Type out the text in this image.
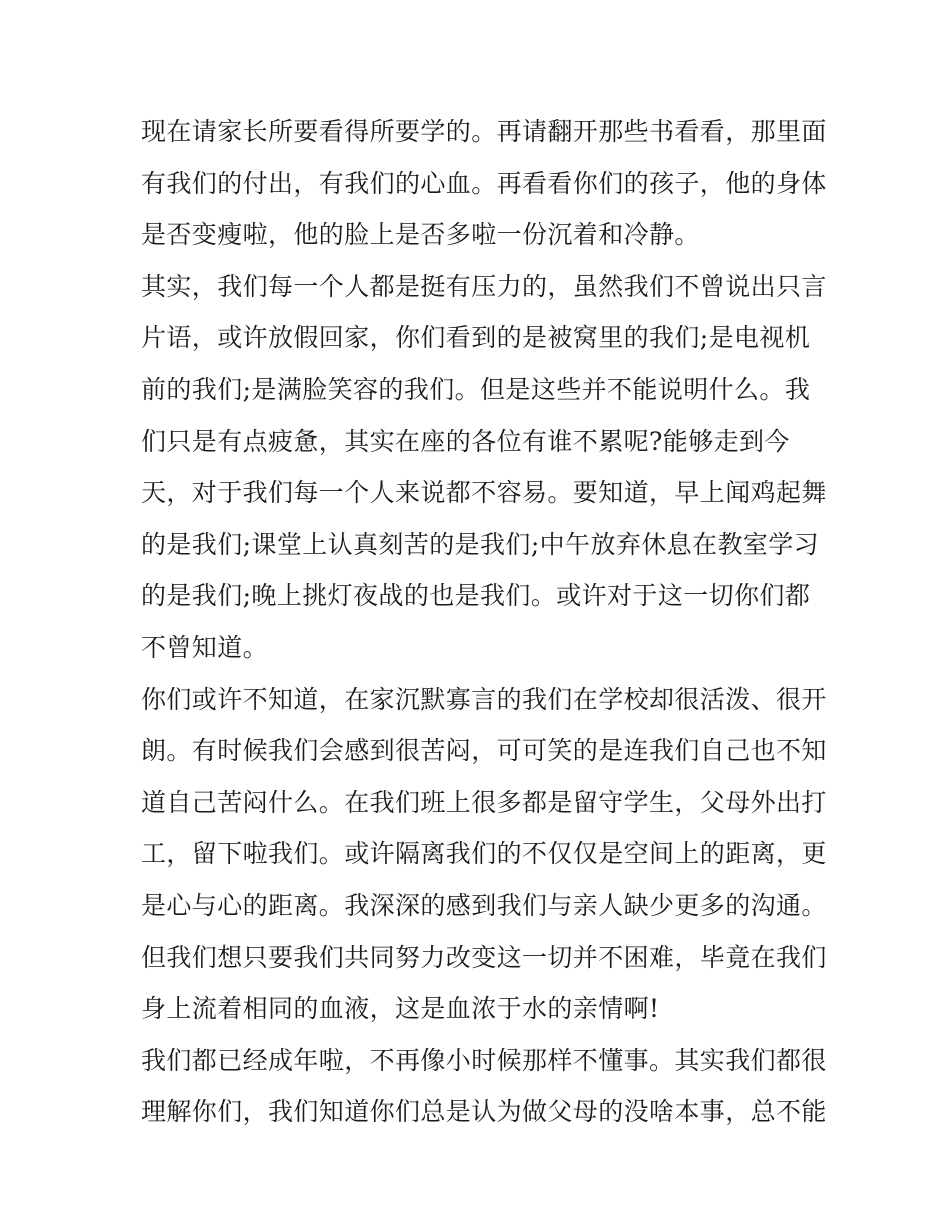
现在请家长所要看得所要学的。再请翻开那些书看看，那里面
有我们的付出，有我们的心血。再看看你们的孩子，他的身体
是否变瘦啦，他的脸上是否多啦一份沉着和冷静。
其实，我们每一个人都是挺有压力的，虽然我们不曾说出只言
片语，或许放假回家，你们看到的是被窝里的我们;是电视机
前的我们;是满脸笑容的我们。但是这些并不能说明什么。我
们只是有点疲惫，其实在座的各位有谁不累呢?能够走到今
天，对于我们每一个人来说都不容易。要知道，早上闻鸡起舞
的是我们;课堂上认真刻苦的是我们;中午放弃休息在教室学习
的是我们;晚上挑灯夜战的也是我们。或许对于这一切你们都
不曾知道。
你们或许不知道，在家沉默寡言的我们在学校却很活泼、很开
朗。有时候我们会感到很苦闷，可可笑的是连我们自己也不知
道自己苦闷什么。在我们班上很多都是留守学生，父母外出打
工，留下啦我们。或许隔离我们的不仅仅是空间上的距离，更
是心与心的距离。我深深的感到我们与亲人缺少更多的沟通。
但我们想只要我们共同努力改变这一切并不困难，毕竟在我们
身上流着相同的血液，这是血浓于水的亲情啊!
我们都已经成年啦，不再像小时候那样不懂事。其实我们都很
理解你们，我们知道你们总是认为做父母的没啥本事，总不能
